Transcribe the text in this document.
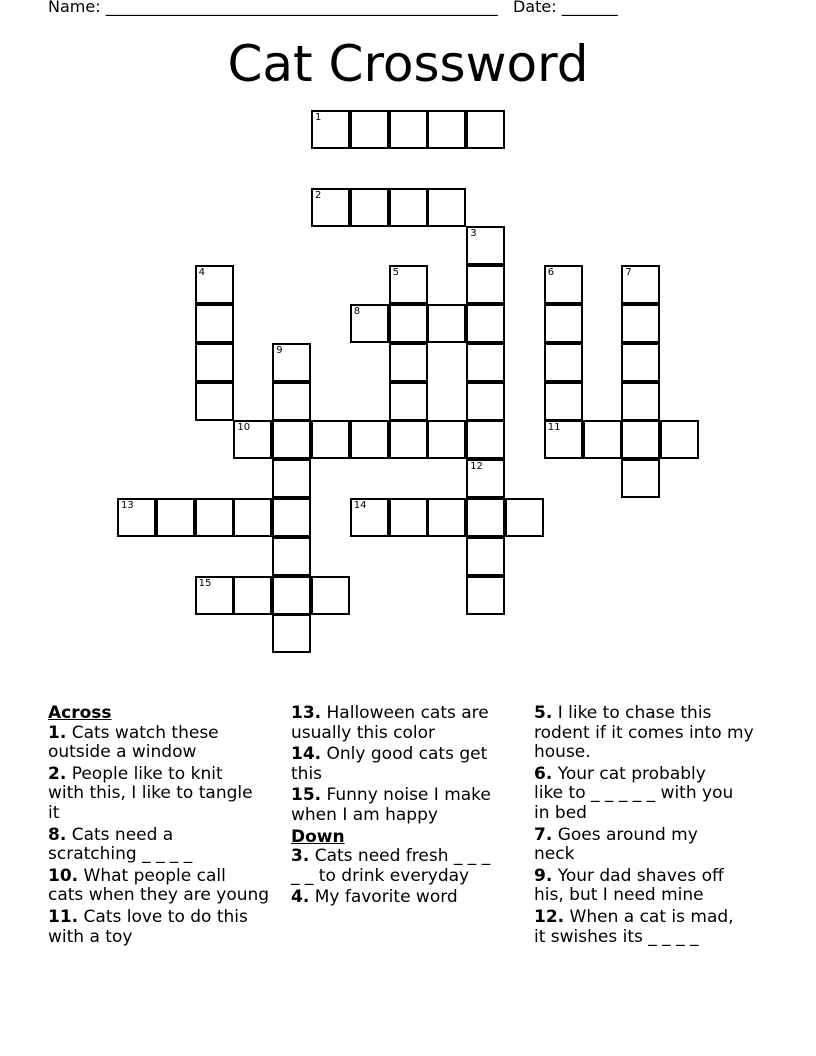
Name: _________________________________________________ Date: _______
Cat Crossword
1
2
3
4	5	6
11
7
8
9
10
12
13	14
15

Across

1. Cats watch these
outside a window

2. People like to knit
with this, I like to tangle
it

8. Cats need a
scratching _ _ _ _

10. What people call
cats when they are young

11. Cats love to do this
with a toy

13. Halloween cats are
usually this color

14. Only good cats get
this

15. Funny noise I make
when I am happy

Down

3. Cats need fresh _ _ _
_ _ to drink everyday

4. My favorite word

5. I like to chase this
rodent if it comes into my
house.

6. Your cat probably
like to _ _ _ _ _ with you
in bed

7. Goes around my
neck

9. Your dad shaves off
his, but I need mine

12. When a cat is mad,
it swishes its _ _ _ _
